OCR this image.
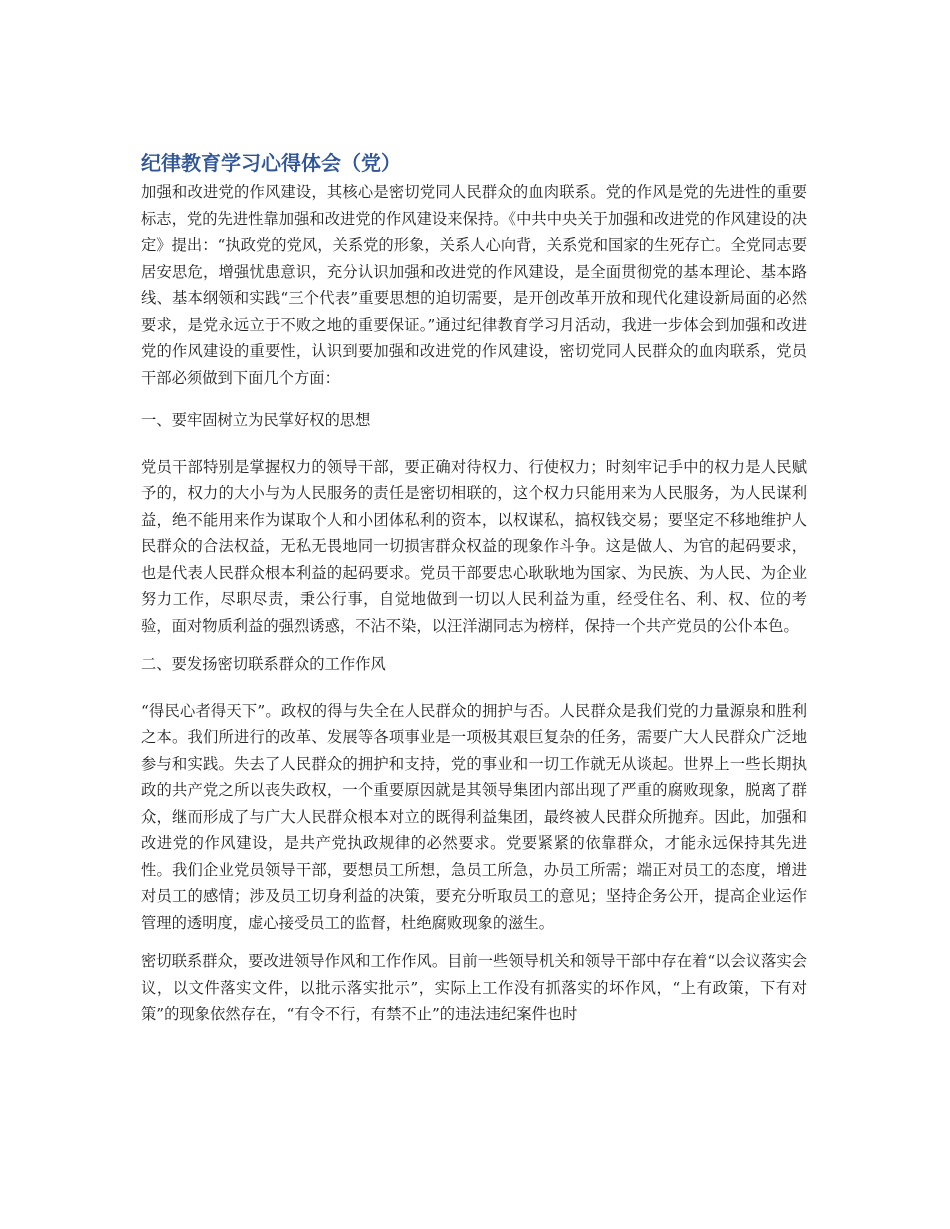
纪律教育学习心得体会（党）

加强和改进党的作风建设，其核心是密切党同人民群众的血肉联系。党的作风是党的先进性的重要标志，党的先进性靠加强和改进党的作风建设来保持。《中共中央关于加强和改进党的作风建设的决定》提出：“执政党的党风，关系党的形象，关系人心向背，关系党和国家的生死存亡。全党同志要居安思危，增强忧患意识，充分认识加强和改进党的作风建设，是全面贯彻党的基本理论、基本路线、基本纲领和实践“三个代表”重要思想的迫切需要，是开创改革开放和现代化建设新局面的必然要求，是党永远立于不败之地的重要保证。”通过纪律教育学习月活动，我进一步体会到加强和改进党的作风建设的重要性，认识到要加强和改进党的作风建设，密切党同人民群众的血肉联系，党员干部必须做到下面几个方面：

一、要牢固树立为民掌好权的思想

党员干部特别是掌握权力的领导干部，要正确对待权力、行使权力；时刻牢记手中的权力是人民赋予的，权力的大小与为人民服务的责任是密切相联的，这个权力只能用来为人民服务，为人民谋利益，绝不能用来作为谋取个人和小团体私利的资本，以权谋私，搞权钱交易；要坚定不移地维护人民群众的合法权益，无私无畏地同一切损害群众权益的现象作斗争。这是做人、为官的起码要求，也是代表人民群众根本利益的起码要求。党员干部要忠心耿耿地为国家、为民族、为人民、为企业努力工作，尽职尽责，秉公行事，自觉地做到一切以人民利益为重，经受住名、利、权、位的考验，面对物质利益的强烈诱惑，不沾不染，以汪洋湖同志为榜样，保持一个共产党员的公仆本色。

二、要发扬密切联系群众的工作作风

“得民心者得天下”。政权的得与失全在人民群众的拥护与否。人民群众是我们党的力量源泉和胜利之本。我们所进行的改革、发展等各项事业是一项极其艰巨复杂的任务，需要广大人民群众广泛地参与和实践。失去了人民群众的拥护和支持，党的事业和一切工作就无从谈起。世界上一些长期执政的共产党之所以丧失政权，一个重要原因就是其领导集团内部出现了严重的腐败现象，脱离了群众，继而形成了与广大人民群众根本对立的既得利益集团，最终被人民群众所抛弃。因此，加强和改进党的作风建设，是共产党执政规律的必然要求。党要紧紧的依靠群众，才能永远保持其先进性。我们企业党员领导干部，要想员工所想，急员工所急，办员工所需；端正对员工的态度，增进对员工的感情；涉及员工切身利益的决策，要充分听取员工的意见；坚持企务公开，提高企业运作管理的透明度，虚心接受员工的监督，杜绝腐败现象的滋生。

密切联系群众，要改进领导作风和工作作风。目前一些领导机关和领导干部中存在着“以会议落实会议，以文件落实文件，以批示落实批示”，实际上工作没有抓落实的坏作风，“上有政策，下有对策”的现象依然存在，“有令不行，有禁不止”的违法违纪案件也时
